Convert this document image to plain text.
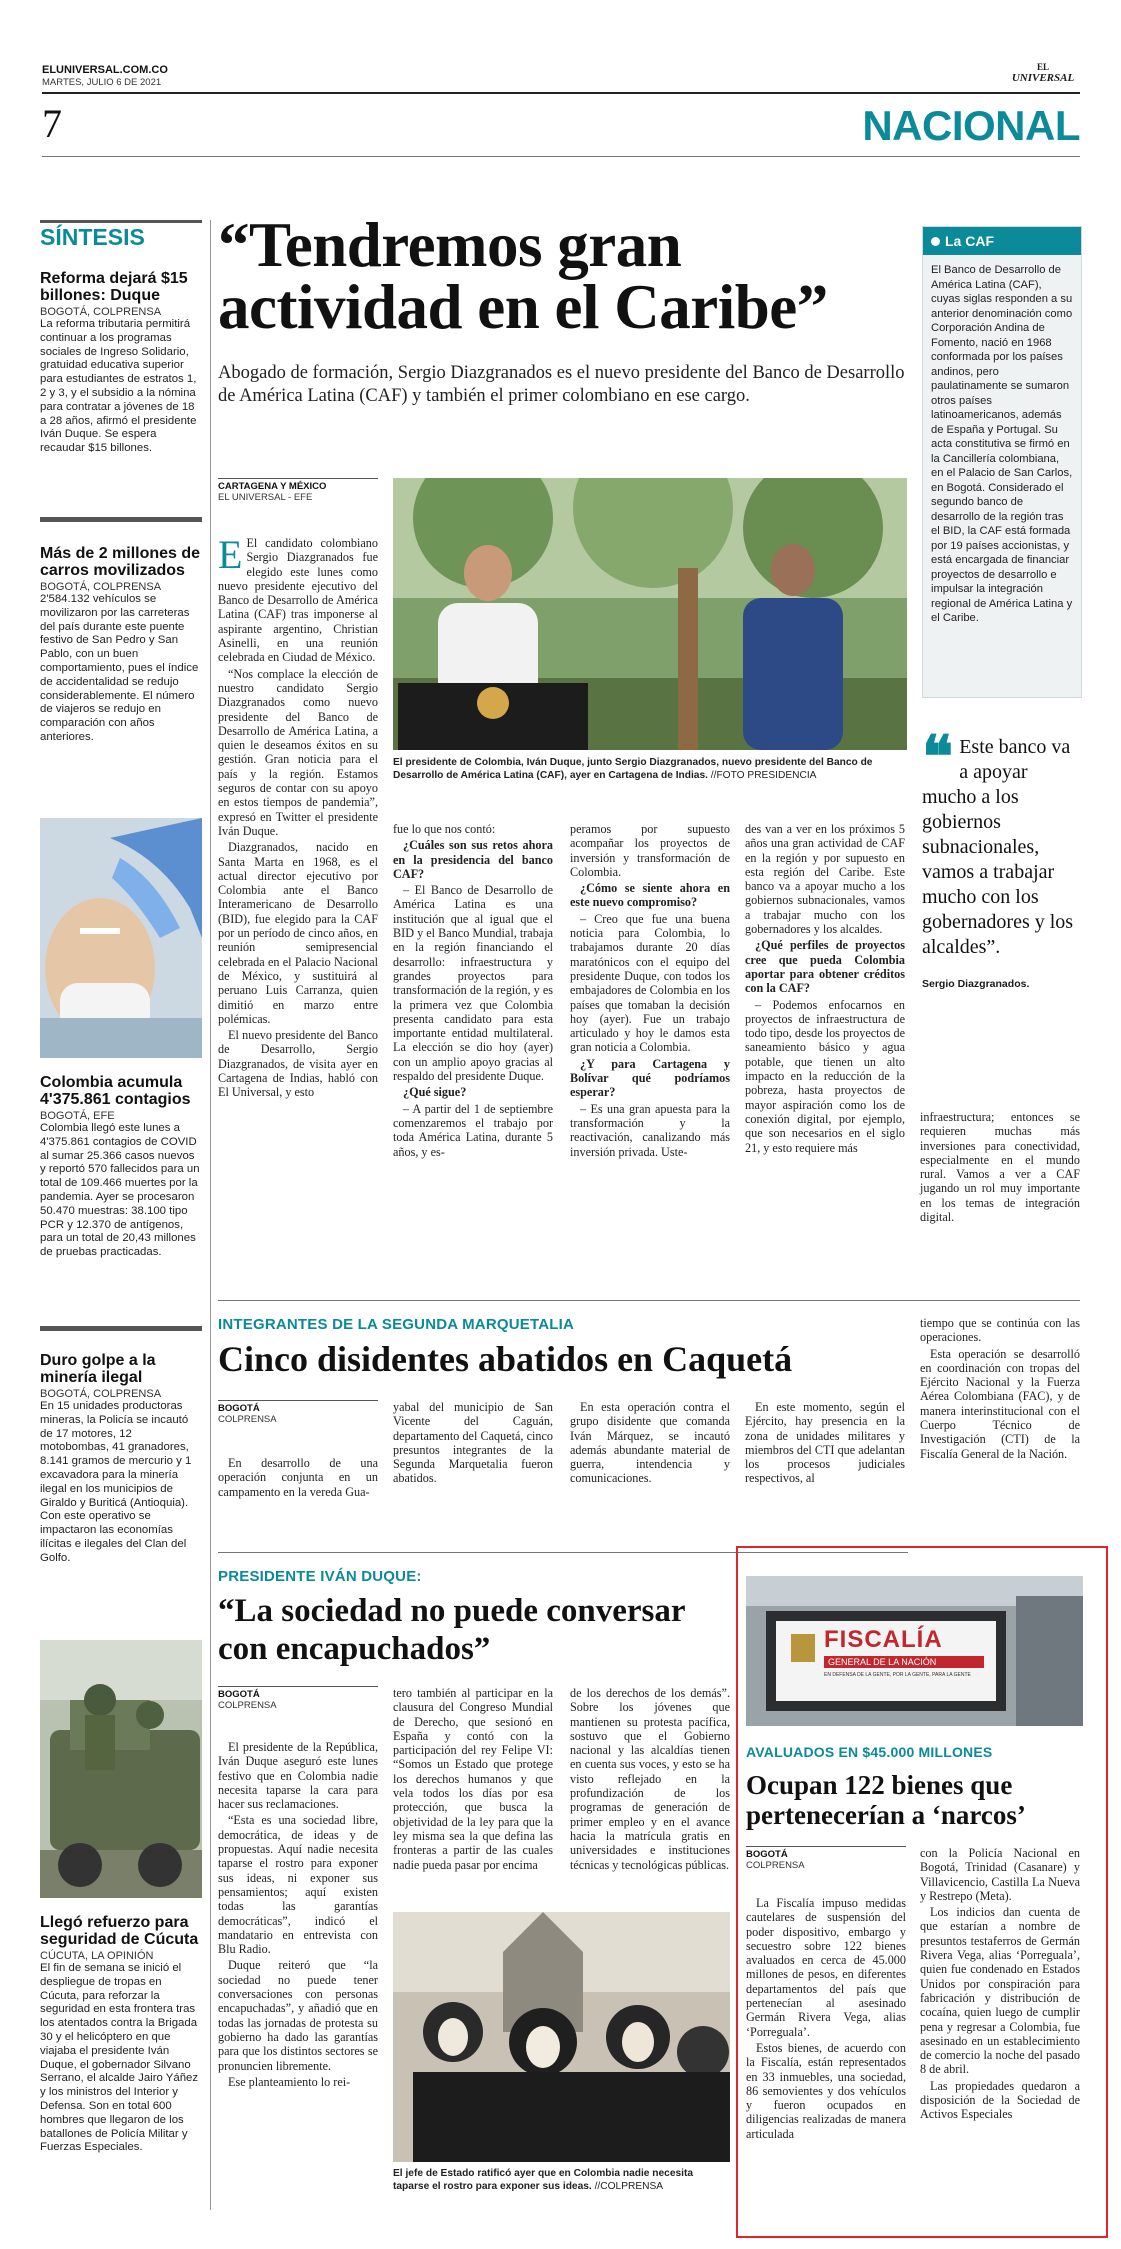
ELUNIVERSAL.COM.CO
MARTES, JULIO 6 DE 2021
EL
UNIVERSAL
7	NACIONAL
SÍNTESIS
Reforma dejará $15 billones: Duque
BOGOTÁ, COLPRENSA
La reforma tributaria permitirá continuar a los programas sociales de Ingreso Solidario, gratuidad educativa superior para estudiantes de estratos 1, 2 y 3, y el subsidio a la nómina para contratar a jóvenes de 18 a 28 años, afirmó el presidente Iván Duque. Se espera recaudar $15 billones.
Más de 2 millones de carros movilizados
BOGOTÁ, COLPRENSA
2'584.132 vehículos se movilizaron por las carreteras del país durante este puente festivo de San Pedro y San Pablo, con un buen comportamiento, pues el índice de accidentalidad se redujo considerablemente. El número de viajeros se redujo en comparación con años anteriores.
Colombia acumula 4'375.861 contagios
BOGOTÁ, EFE
Colombia llegó este lunes a 4'375.861 contagios de COVID al sumar 25.366 casos nuevos y reportó 570 fallecidos para un total de 109.466 muertes por la pandemia. Ayer se procesaron 50.470 muestras: 38.100 tipo PCR y 12.370 de antígenos, para un total de 20,43 millones de pruebas practicadas.
Duro golpe a la minería ilegal
BOGOTÁ, COLPRENSA
En 15 unidades productoras mineras, la Policía se incautó de 17 motores, 12 motobombas, 41 granadores, 8.141 gramos de mercurio y 1 excavadora para la minería ilegal en los municipios de Giraldo y Buriticá (Antioquia). Con este operativo se impactaron las economías ilícitas e ilegales del Clan del Golfo.
Llegó refuerzo para seguridad de Cúcuta
CÚCUTA, LA OPINIÓN
El fin de semana se inició el despliegue de tropas en Cúcuta, para reforzar la seguridad en esta frontera tras los atentados contra la Brigada 30 y el helicóptero en que viajaba el presidente Iván Duque, el gobernador Silvano Serrano, el alcalde Jairo Yáñez y los ministros del Interior y Defensa. Son en total 600 hombres que llegaron de los batallones de Policía Militar y Fuerzas Especiales.
“Tendremos gran actividad en el Caribe”
Abogado de formación, Sergio Diazgranados es el nuevo presidente del Banco de Desarrollo de América Latina (CAF) y también el primer colombiano en ese cargo.
CARTAGENA Y MÉXICO
EL UNIVERSAL - EFE
El presidente de Colombia, Iván Duque, junto Sergio Diazgranados, nuevo presidente del Banco de Desarrollo de América Latina (CAF), ayer en Cartagena de Indias. //FOTO PRESIDENCIA

E El candidato colombiano Sergio Diazgranados fue elegido este lunes como nuevo presidente ejecutivo del Banco de Desarrollo de América Latina (CAF) tras imponerse al aspirante argentino, Christian Asinelli, en una reunión celebrada en Ciudad de México.

“Nos complace la elección de nuestro candidato Sergio Diazgranados como nuevo presidente del Banco de Desarrollo de América Latina, a quien le deseamos éxitos en su gestión. Gran noticia para el país y la región. Estamos seguros de contar con su apoyo en estos tiempos de pandemia”, expresó en Twitter el presidente Iván Duque.

Diazgranados, nacido en Santa Marta en 1968, es el actual director ejecutivo por Colombia ante el Banco Interamericano de Desarrollo (BID), fue elegido para la CAF por un período de cinco años, en reunión semipresencial celebrada en el Palacio Nacional de México, y sustituirá al peruano Luis Carranza, quien dimitió en marzo entre polémicas.

El nuevo presidente del Banco de Desarrollo, Sergio Diazgranados, de visita ayer en Cartagena de Indias, habló con El Universal, y esto

fue lo que nos contó:

¿Cuáles son sus retos ahora en la presidencia del banco CAF?

– El Banco de Desarrollo de América Latina es una institución que al igual que el BID y el Banco Mundial, trabaja en la región financiando el desarrollo: infraestructura y grandes proyectos para transformación de la región, y es la primera vez que Colombia presenta candidato para esta importante entidad multilateral. La elección se dio hoy (ayer) con un amplio apoyo gracias al respaldo del presidente Duque.

¿Qué sigue?

– A partir del 1 de septiembre comenzaremos el trabajo por toda América Latina, durante 5 años, y es-

peramos por supuesto acompañar los proyectos de inversión y transformación de Colombia.

¿Cómo se siente ahora en este nuevo compromiso?

– Creo que fue una buena noticia para Colombia, lo trabajamos durante 20 días maratónicos con el equipo del presidente Duque, con todos los embajadores de Colombia en los países que tomaban la decisión hoy (ayer). Fue un trabajo articulado y hoy le damos esta gran noticia a Colombia.

¿Y para Cartagena y Bolívar qué podríamos esperar?

– Es una gran apuesta para la transformación y la reactivación, canalizando más inversión privada. Uste-

des van a ver en los próximos 5 años una gran actividad de CAF en la región y por supuesto en esta región del Caribe. Este banco va a apoyar mucho a los gobiernos subnacionales, vamos a trabajar mucho con los gobernadores y los alcaldes.

¿Qué perfiles de proyectos cree que pueda Colombia aportar para obtener créditos con la CAF?

– Podemos enfocarnos en proyectos de infraestructura de todo tipo, desde los proyectos de saneamiento básico y agua potable, que tienen un alto impacto en la reducción de la pobreza, hasta proyectos de mayor aspiración como los de conexión digital, por ejemplo, que son necesarios en el siglo 21, y esto requiere más

infraestructura; entonces se requieren muchas más inversiones para conectividad, especialmente en el mundo rural. Vamos a ver a CAF jugando un rol muy importante en los temas de integración digital.

La CAF
El Banco de Desarrollo de América Latina (CAF), cuyas siglas responden a su anterior denominación como Corporación Andina de Fomento, nació en 1968 conformada por los países andinos, pero paulatinamente se sumaron otros países latinoamericanos, además de España y Portugal. Su acta constitutiva se firmó en la Cancillería colombiana, en el Palacio de San Carlos, en Bogotá. Considerado el segundo banco de desarrollo de la región tras el BID, la CAF está formada por 19 países accionistas, y está encargada de financiar proyectos de desarrollo e impulsar la integración regional de América Latina y el Caribe.
❝ Este banco va a apoyar mucho a los gobiernos subnacionales, vamos a trabajar mucho con los gobernadores y los alcaldes”.
Sergio Diazgranados.
INTEGRANTES DE LA SEGUNDA MARQUETALIA
Cinco disidentes abatidos en Caquetá
BOGOTÁ
COLPRENSA

En desarrollo de una operación conjunta en un campamento en la vereda Gua-

yabal del municipio de San Vicente del Caguán, departamento del Caquetá, cinco presuntos integrantes de la Segunda Marquetalia fueron abatidos.

En esta operación contra el grupo disidente que comanda Iván Márquez, se incautó además abundante material de guerra, intendencia y comunicaciones.

En este momento, según el Ejército, hay presencia en la zona de unidades militares y miembros del CTI que adelantan los procesos judiciales respectivos, al

tiempo que se continúa con las operaciones.

Esta operación se desarrolló en coordinación con tropas del Ejército Nacional y la Fuerza Aérea Colombiana (FAC), y de manera interinstitucional con el Cuerpo Técnico de Investigación (CTI) de la Fiscalía General de la Nación.

PRESIDENTE IVÁN DUQUE:
“La sociedad no puede conversar con encapuchados”
BOGOTÁ
COLPRENSA

El presidente de la República, Iván Duque aseguró este lunes festivo que en Colombia nadie necesita taparse la cara para hacer sus reclamaciones.

“Esta es una sociedad libre, democrática, de ideas y de propuestas. Aquí nadie necesita taparse el rostro para exponer sus ideas, ni exponer sus pensamientos; aquí existen todas las garantías democráticas”, indicó el mandatario en entrevista con Blu Radio.

Duque reiteró que “la sociedad no puede tener conversaciones con personas encapuchadas”, y añadió que en todas las jornadas de protesta su gobierno ha dado las garantías para que los distintos sectores se pronuncien libremente.

Ese planteamiento lo rei-

tero también al participar en la clausura del Congreso Mundial de Derecho, que sesionó en España y contó con la participación del rey Felipe VI: “Somos un Estado que protege los derechos humanos y que vela todos los días por esa protección, que busca la objetividad de la ley para que la ley misma sea la que defina las fronteras a partir de las cuales nadie pueda pasar por encima

de los derechos de los demás”. Sobre los jóvenes que mantienen su protesta pacífica, sostuvo que el Gobierno nacional y las alcaldías tienen en cuenta sus voces, y esto se ha visto reflejado en la profundización de los programas de generación de primer empleo y en el avance hacia la matrícula gratis en universidades e instituciones técnicas y tecnológicas públicas.

El jefe de Estado ratificó ayer que en Colombia nadie necesita taparse el rostro para exponer sus ideas. //COLPRENSA
FISCALÍA
GENERAL DE LA NACIÓN
EN DEFENSA DE LA GENTE, POR LA GENTE, PARA LA GENTE
AVALUADOS EN $45.000 MILLONES
Ocupan 122 bienes que pertenecerían a ‘narcos’
BOGOTÁ
COLPRENSA

La Fiscalía impuso medidas cautelares de suspensión del poder dispositivo, embargo y secuestro sobre 122 bienes avaluados en cerca de 45.000 millones de pesos, en diferentes departamentos del país que pertenecían al asesinado Germán Rivera Vega, alias ‘Porreguala’.

Estos bienes, de acuerdo con la Fiscalía, están representados en 33 inmuebles, una sociedad, 86 semovientes y dos vehículos y fueron ocupados en diligencias realizadas de manera articulada

con la Policía Nacional en Bogotá, Trinidad (Casanare) y Villavicencio, Castilla La Nueva y Restrepo (Meta).

Los indicios dan cuenta de que estarían a nombre de presuntos testaferros de Germán Rivera Vega, alias ‘Porreguala’, quien fue condenado en Estados Unidos por conspiración para fabricación y distribución de cocaína, quien luego de cumplir pena y regresar a Colombia, fue asesinado en un establecimiento de comercio la noche del pasado 8 de abril.

Las propiedades quedaron a disposición de la Sociedad de Activos Especiales
